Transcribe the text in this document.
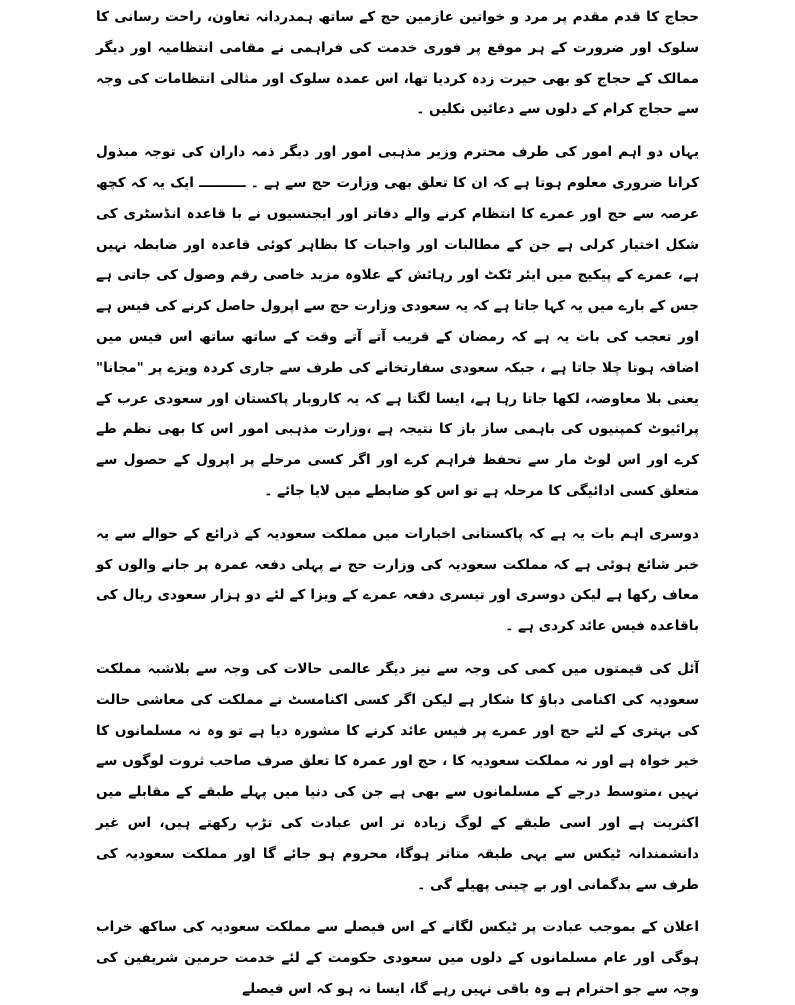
حجاج کا قدم مقدم پر مرد و خواتین عازمین حج کے ساتھ ہمدردانہ تعاون، راحت رسانی کا سلوک اور ضرورت کے ہر موقع پر فوری خدمت کی فراہمی نے مقامی انتظامیہ اور دیگر ممالک کے حجاج کو بھی حیرت زدہ کردیا تھا، اس عمدہ سلوک اور مثالی انتظامات کی وجہ سے حجاج کرام کے دلوں سے دعائیں نکلیں ۔

یہاں دو اہم امور کی طرف محترم وزیر مذہبی امور اور دیگر ذمہ داران کی توجہ مبذول کرانا ضروری معلوم ہوتا ہے کہ ان کا تعلق بھی وزارت حج سے ہے ۔ ــــــــــ ایک یہ کہ کچھ عرصہ سے حج اور عمرے کا انتظام کرنے والے دفاتر اور ایجنسیوں نے با قاعدہ انڈسٹری کی شکل اختیار کرلی ہے جن کے مطالبات اور واجبات کا بظاہر کوئی قاعدہ اور ضابطہ نہیں ہے، عمرے کے پیکیج میں ایئر ٹکٹ اور رہائش کے علاوہ مزید خاصی رقم وصول کی جاتی ہے جس کے بارے میں یہ کہا جاتا ہے کہ یہ سعودی وزارت حج سے اپرول حاصل کرنے کی فیس ہے اور تعجب کی بات یہ ہے کہ رمضان کے قریب آتے آتے وقت کے ساتھ ساتھ اس فیس میں اضافہ ہوتا چلا جاتا ہے ، جبکہ سعودی سفارتخانے کی طرف سے جاری کردہ ویزے پر "مجانا" یعنی بلا معاوضہ، لکھا جاتا رہا ہے، ایسا لگتا ہے کہ یہ کاروبار پاکستان اور سعودی عرب کے پرائیوٹ کمپنیوں کی باہمی ساز باز کا نتیجہ ہے ،وزارت مذہبی امور اس کا بھی نظم طے کرے اور اس لوٹ مار سے تحفظ فراہم کرے اور اگر کسی مرحلے پر اپرول کے حصول سے متعلق کسی ادائیگی کا مرحلہ ہے تو اس کو ضابطے میں لایا جائے ۔

دوسری اہم بات یہ ہے کہ پاکستانی اخبارات میں مملکت سعودیہ کے ذرائع کے حوالے سے یہ خبر شائع ہوئی ہے کہ مملکت سعودیہ کی وزارت حج نے پہلی دفعہ عمرہ پر جانے والوں کو معاف رکھا ہے لیکن دوسری اور تیسری دفعہ عمرے کے ویزا کے لئے دو ہزار سعودی ریال کی باقاعدہ فیس عائد کردی ہے ۔

آئل کی قیمتوں میں کمی کی وجہ سے نیز دیگر عالمی حالات کی وجہ سے بلاشبہ مملکت سعودیہ کی اکنامی دباؤ کا شکار ہے لیکن اگر کسی اکنامسٹ نے مملکت کی معاشی حالت کی بہتری کے لئے حج اور عمرے پر فیس عائد کرنے کا مشورہ دیا ہے تو وہ نہ مسلمانوں کا خیر خواہ ہے اور نہ مملکت سعودیہ کا ، حج اور عمرہ کا تعلق صرف صاحب ثروت لوگوں سے نہیں ،متوسط درجے کے مسلمانوں سے بھی ہے جن کی دنیا میں پہلے طبقے کے مقابلے میں اکثریت ہے اور اسی طبقے کے لوگ زیادہ تر اس عبادت کی تڑپ رکھتے ہیں، اس غیر دانشمندانہ ٹیکس سے یہی طبقہ متاثر ہوگا، محروم ہو جائے گا اور مملکت سعودیہ کی طرف سے بدگمانی اور بے چینی پھیلے گی ۔

اعلان کے بموجب عبادت پر ٹیکس لگانے کے اس فیصلے سے مملکت سعودیہ کی ساکھ خراب ہوگی اور عام مسلمانوں کے دلوں میں سعودی حکومت کے لئے خدمت حرمین شریفین کی وجہ سے جو احترام ہے وہ باقی نہیں رہے گا، ایسا نہ ہو کہ اس فیصلے
